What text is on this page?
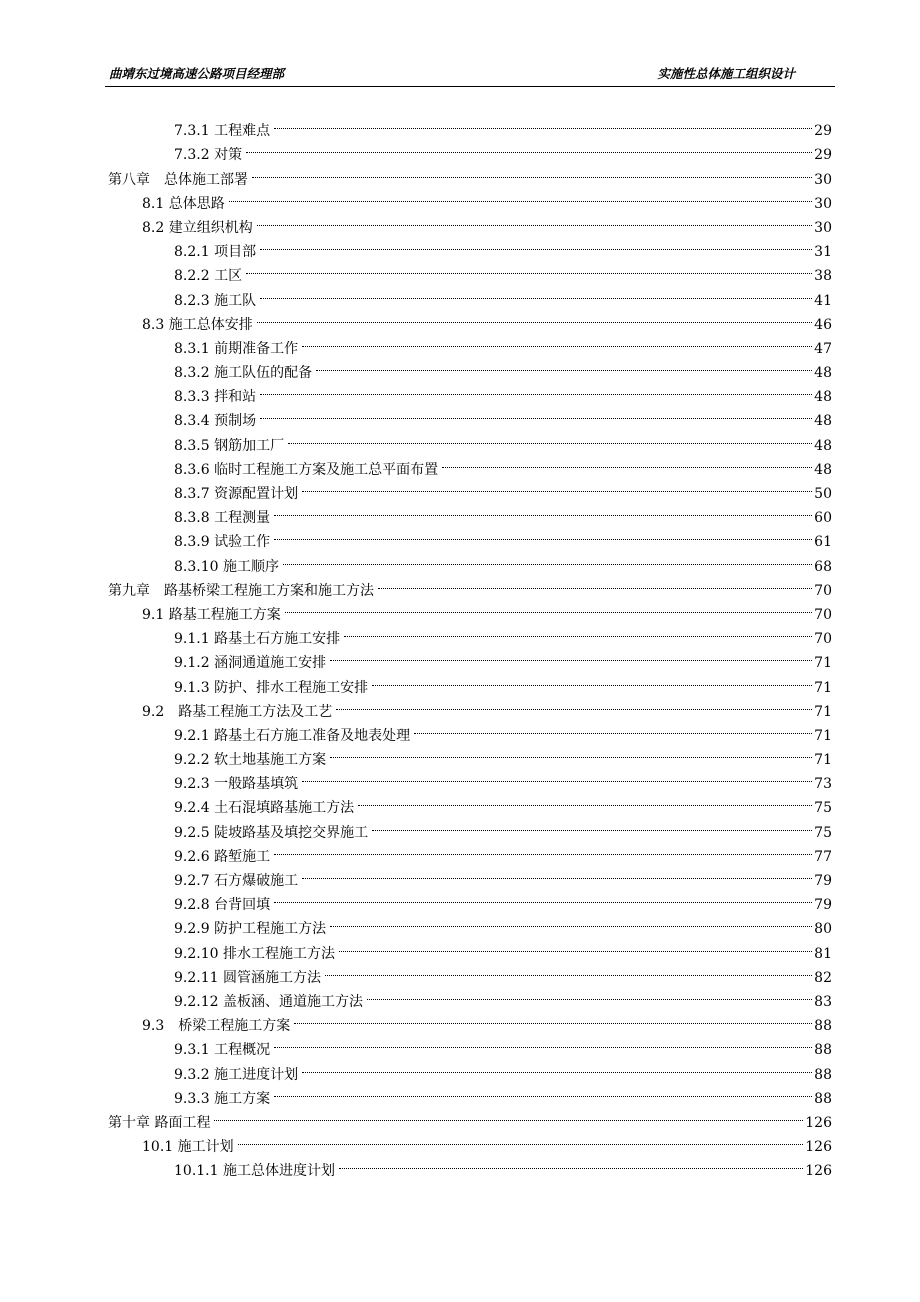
曲靖东过境高速公路项目经理部	实施性总体施工组织设计
7.3.1 工程难点	29
7.3.2 对策	29
第八章　总体施工部署	30
8.1 总体思路	30
8.2 建立组织机构	30
8.2.1 项目部	31
8.2.2 工区	38
8.2.3 施工队	41
8.3 施工总体安排	46
8.3.1 前期准备工作	47
8.3.2 施工队伍的配备	48
8.3.3 拌和站	48
8.3.4 预制场	48
8.3.5 钢筋加工厂	48
8.3.6 临时工程施工方案及施工总平面布置	48
8.3.7 资源配置计划	50
8.3.8 工程测量	60
8.3.9 试验工作	61
8.3.10 施工顺序	68
第九章　路基桥梁工程施工方案和施工方法	70
9.1 路基工程施工方案	70
9.1.1 路基土石方施工安排	70
9.1.2 涵洞通道施工安排	71
9.1.3 防护、排水工程施工安排	71
9.2　路基工程施工方法及工艺	71
9.2.1 路基土石方施工准备及地表处理	71
9.2.2 软土地基施工方案	71
9.2.3 一般路基填筑	73
9.2.4 土石混填路基施工方法	75
9.2.5 陡坡路基及填挖交界施工	75
9.2.6 路堑施工	77
9.2.7 石方爆破施工	79
9.2.8 台背回填	79
9.2.9 防护工程施工方法	80
9.2.10 排水工程施工方法	81
9.2.11 圆管涵施工方法	82
9.2.12 盖板涵、通道施工方法	83
9.3　桥梁工程施工方案	88
9.3.1 工程概况	88
9.3.2 施工进度计划	88
9.3.3 施工方案	88
第十章 路面工程	126
10.1 施工计划	126
10.1.1 施工总体进度计划	126
